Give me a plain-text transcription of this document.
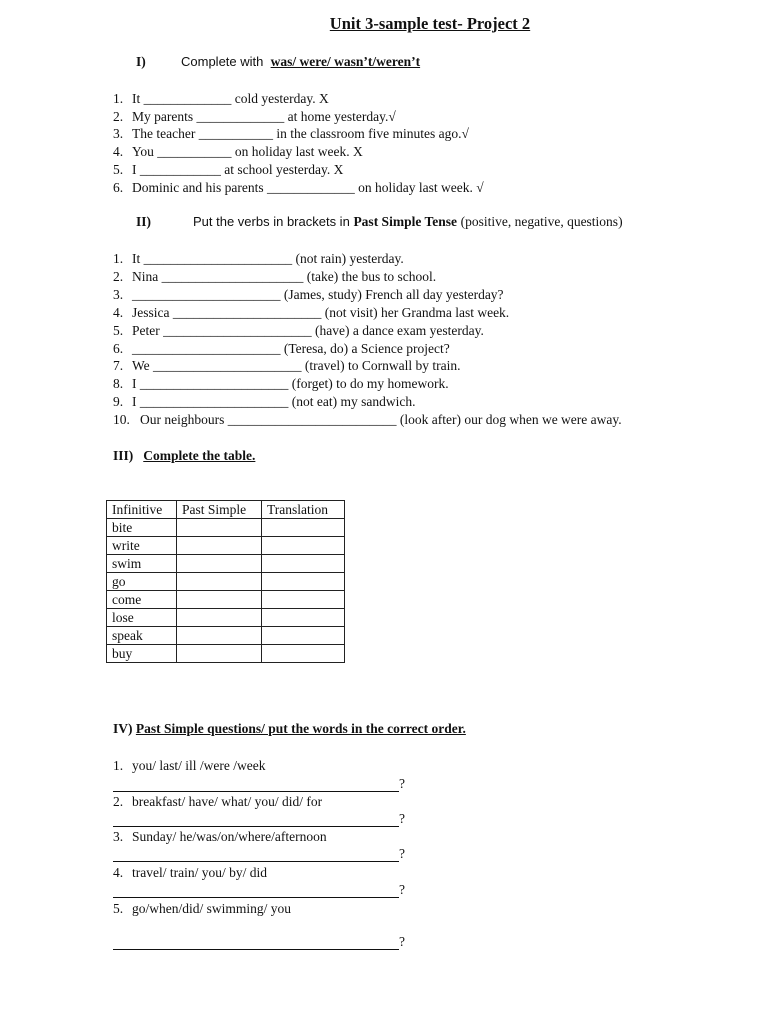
Unit 3-sample test- Project 2
I)	Complete with was/ were/ wasn’t/weren’t
1. It _____________ cold yesterday. X
2. My parents _____________ at home yesterday.√
3. The teacher ___________ in the classroom five minutes ago.√
4. You ___________ on holiday last week. X
5. I ____________ at school yesterday. X
6. Dominic and his parents _____________ on holiday last week. √
II)	Put the verbs in brackets in Past Simple Tense (positive, negative, questions)
1. It ______________________ (not rain) yesterday.
2. Nina _____________________ (take) the bus to school.
3. ______________________ (James, study) French all day yesterday?
4. Jessica ______________________ (not visit) her Grandma last week.
5. Peter ______________________ (have) a dance exam yesterday.
6. ______________________ (Teresa, do) a Science project?
7. We ______________________ (travel) to Cornwall by train.
8. I ______________________ (forget) to do my homework.
9. I ______________________ (not eat) my sandwich.
10. Our neighbours _________________________ (look after) our dog when we were away.
III) Complete the table.
Infinitive	Past Simple	Translation
bite		
write		
swim		
go		
come		
lose		
speak		
buy		
IV) Past Simple questions/ put the words in the correct order.
1. you/ last/ ill /were /week
?
2. breakfast/ have/ what/ you/ did/ for
?
3. Sunday/ he/was/on/where/afternoon
?
4. travel/ train/ you/ by/ did
?
5. go/when/did/ swimming/ you
?
